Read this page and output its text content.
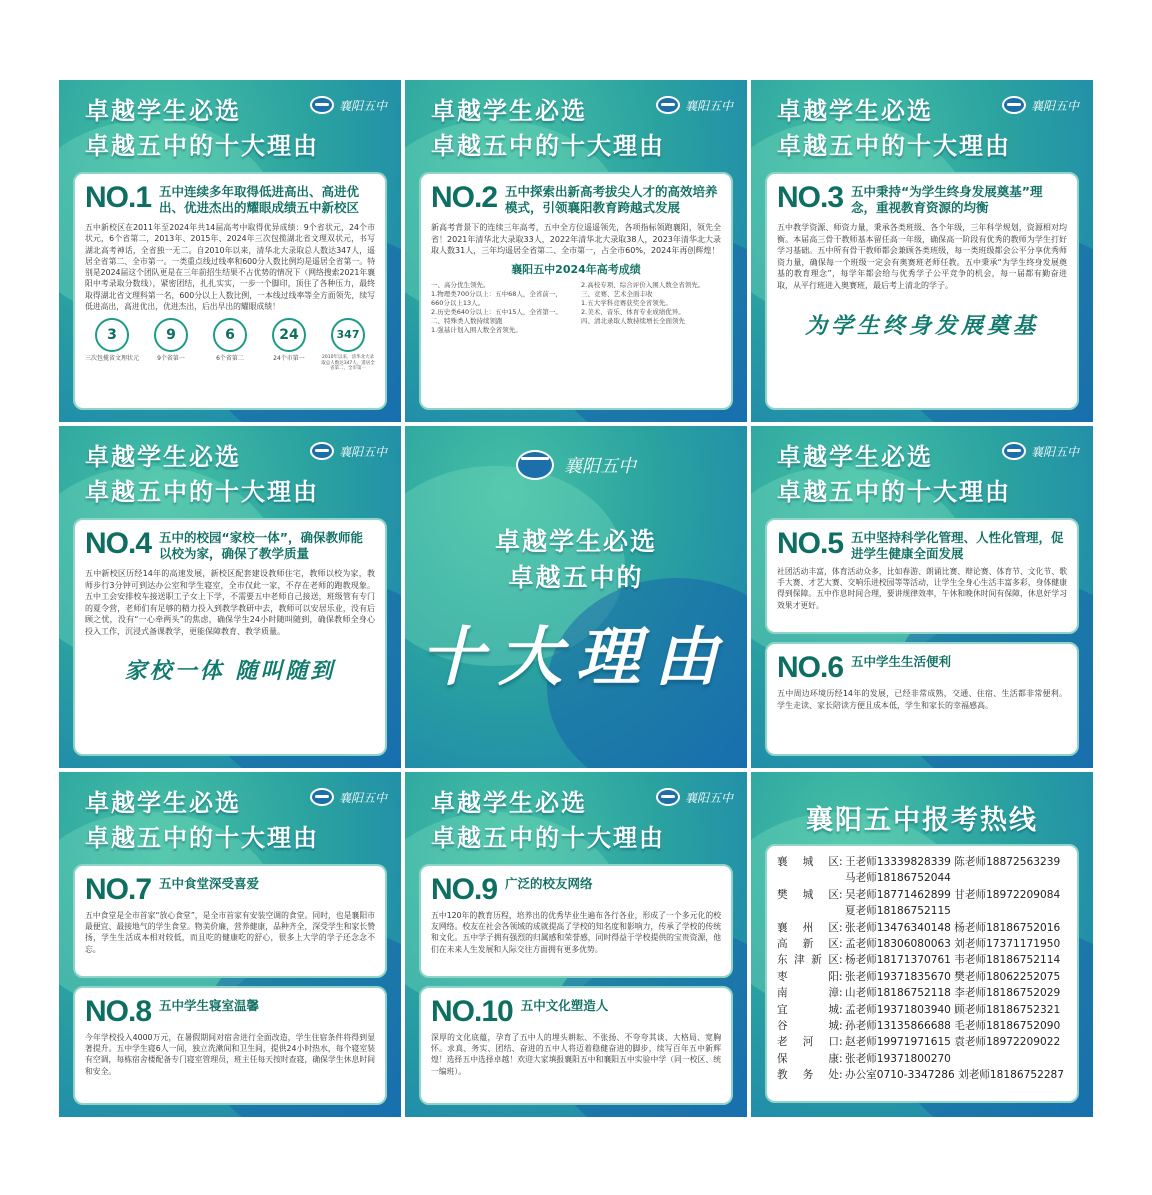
卓越学生必选
卓越五中的十大理由
襄阳五中
NO.1 五中连续多年取得低进高出、高进优出、优进杰出的耀眼成绩五中新校区
五中新校区在2011年至2024年共14届高考中取得优异成绩：9个省状元，24个市状元，6个省第二，2013年、2015年、2024年三次包揽湖北省文理双状元，书写湖北高考神话，全省独一无二。自2010年以来，清华北大录取总人数达347人，遥居全省第二、全市第一。一类重点线过线率和600分人数比例均是遥居全省第一。特别是2024届这个团队更是在三年前招生结果不占优势的情况下（网络搜索2021年襄阳中考录取分数线），紧密团结，扎扎实实，一步一个脚印，顶住了各种压力，最终取得湖北省文理科第一名，600分以上人数比例，一本线过线率等全方面领先，续写低进高出，高进优出，优进杰出，后出早出的耀眼成绩！
3
三次包揽省文理状元
9
9个省第一
6
6个省第二
24
24个市第一
347
2010年以来，清华北大录取总人数达347人，遥居全省第二，全市第一
卓越学生必选
卓越五中的十大理由
襄阳五中
NO.2 五中探索出新高考拔尖人才的高效培养模式，引领襄阳教育跨越式发展
新高考背景下的连续三年高考，五中全方位遥遥领先，各项指标领跑襄阳，领先全省！2021年清华北大录取33人，2022年清华北大录取38人，2023年清华北大录取人数31人，三年均遥居全省第二、全市第一，占全市60%，2024年再创辉煌！
襄阳五中2024年高考成绩
一、高分优生领先。
1.物理类700分以上：五中68人，全省前一，660分以上13人。
2.历史类640分以上：五中15人，全省第一。
二、特殊类人数持续领跑
1.强基计划入围人数全省领先。
2.高校专项、综合评价入围人数全省领先。
三、竞赛、艺术全面丰收
1.五大学科竞赛获奖全省领先。
2.美术、音乐、体育专业成绩优异。
四、清北录取人数持续增长全面领先
卓越学生必选
卓越五中的十大理由
襄阳五中
NO.3 五中秉持“为学生终身发展奠基”理念，重视教育资源的均衡
五中教学资源、师资力量，秉承各类班级、各个年级，三年科学规划，资源相对均衡。本届高三骨干教师基本留任高一年级，确保高一阶段有优秀的教师为学生打好学习基础。五中所有骨干教师都会兼顾各类班级，每一类班级都会公平分享优秀师资力量，确保每一个班级一定会有奥赛班老师任教。五中秉承“为学生终身发展奠基的教育理念”，每学年都会给与优秀学子公平竞争的机会，每一届都有勤奋进取，从平行班进入奥赛班，最后考上清北的学子。
为学生终身发展奠基
卓越学生必选
卓越五中的十大理由
襄阳五中
NO.4 五中的校园“家校一体”，确保教师能以校为家，确保了教学质量
五中新校区历经14年的高速发展，新校区配套建设教师住宅，教师以校为家，教师步行3分钟可到达办公室和学生寝室，全市仅此一家，不存在老师的跑教现象。五中工会安排校车接送职工子女上下学，不需要五中老师自己接送，班级管有专门的夏令营，老师们有足够的精力投入到教学教研中去，教师可以安居乐业，没有后顾之忧，没有“一心牵两头”的焦虑，确保学生24小时随叫随到，确保教师全身心投入工作，沉浸式备课教学，更能保障教育、教学质量。
家校一体 随叫随到
襄阳五中
卓越学生必选
卓越五中的
十大理由
卓越学生必选
卓越五中的十大理由
襄阳五中
NO.5 五中坚持科学化管理、人性化管理，促进学生健康全面发展
社团活动丰富，体育活动众多，比如春游、朗诵比赛、辩论赛、体育节、文化节、歌手大赛、才艺大赛、交响乐进校园等等活动，让学生全身心生活丰富多彩，身体健康得到保障。五中作息时间合理，要讲规律效率，午休和晚休时间有保障，休息好学习效果才更好。
NO.6 五中学生生活便利
五中周边环境历经14年的发展，已经非常成熟，交通、住宿、生活都非常便利。学生走读、家长陪读方便且成本低，学生和家长的幸福感高。
卓越学生必选
卓越五中的十大理由
襄阳五中
NO.7 五中食堂深受喜爱
五中食堂是全市首家“放心食堂”，是全市首家有安装空调的食堂。同时，也是襄阳市最便宜、最接地气的学生食堂。物美价廉，营养健康，品种齐全，深受学生和家长赞扬，学生生活成本相对较低，而且吃的健康吃的舒心，很多上大学的学子还念念不忘。
NO.8 五中学生寝室温馨
今年学校投入4000万元，在暑假期间对宿舍进行全面改造，学生住宿条件将得到显著提升。五中学生寝6人一间，独立洗漱间和卫生间，提供24小时热水，每个寝室装有空调，每栋宿舍楼配备专门寝室管理员，班主任每天按时查寝，确保学生休息时间和安全。
卓越学生必选
卓越五中的十大理由
襄阳五中
NO.9 广泛的校友网络
五中120年的教育历程，培养出的优秀毕业生遍布各行各业，形成了一个多元化的校友网络。校友在社会各领域的成就提高了学校的知名度和影响力，传承了学校的传统和文化。五中学子拥有强烈的归属感和荣誉感，同时得益于学校提供的宝贵资源，他们在未来人生发展和人际交往方面拥有更多优势。
NO.10 五中文化塑造人
深厚的文化底蕴，孕育了五中人的埋头耕耘、不张扬、不夸夸其谈、大格局、宽胸怀。求真、务实、团结、奋进的五中人将迈着稳健奋进的脚步，续写百年五中新辉煌！选择五中选择卓越！欢迎大家填报襄阳五中和襄阳五中实验中学（同一校区、统一编班）。
襄阳五中报考热线
襄城区 : 王老师13339828339 陈老师18872563239
马老师18186752044
樊城区 : 吴老师18771462899 甘老师18972209084
夏老师18186752115
襄州区 : 张老师13476340148 杨老师18186752016
高新区 : 孟老师18306080063 刘老师17371171950
东津新区 : 杨老师18171370761 韦老师18186752114
枣阳 : 张老师19371835670 樊老师18062252075
南漳 : 山老师18186752118 李老师18186752029
宜城 : 孟老师19371803940 顾老师18186752321
谷城 : 孙老师13135866688 毛老师18186752090
老河口 : 赵老师19971971615 袁老师18972209022
保康 : 张老师19371800270
教务处 : 办公室0710-3347286 刘老师18186752287
